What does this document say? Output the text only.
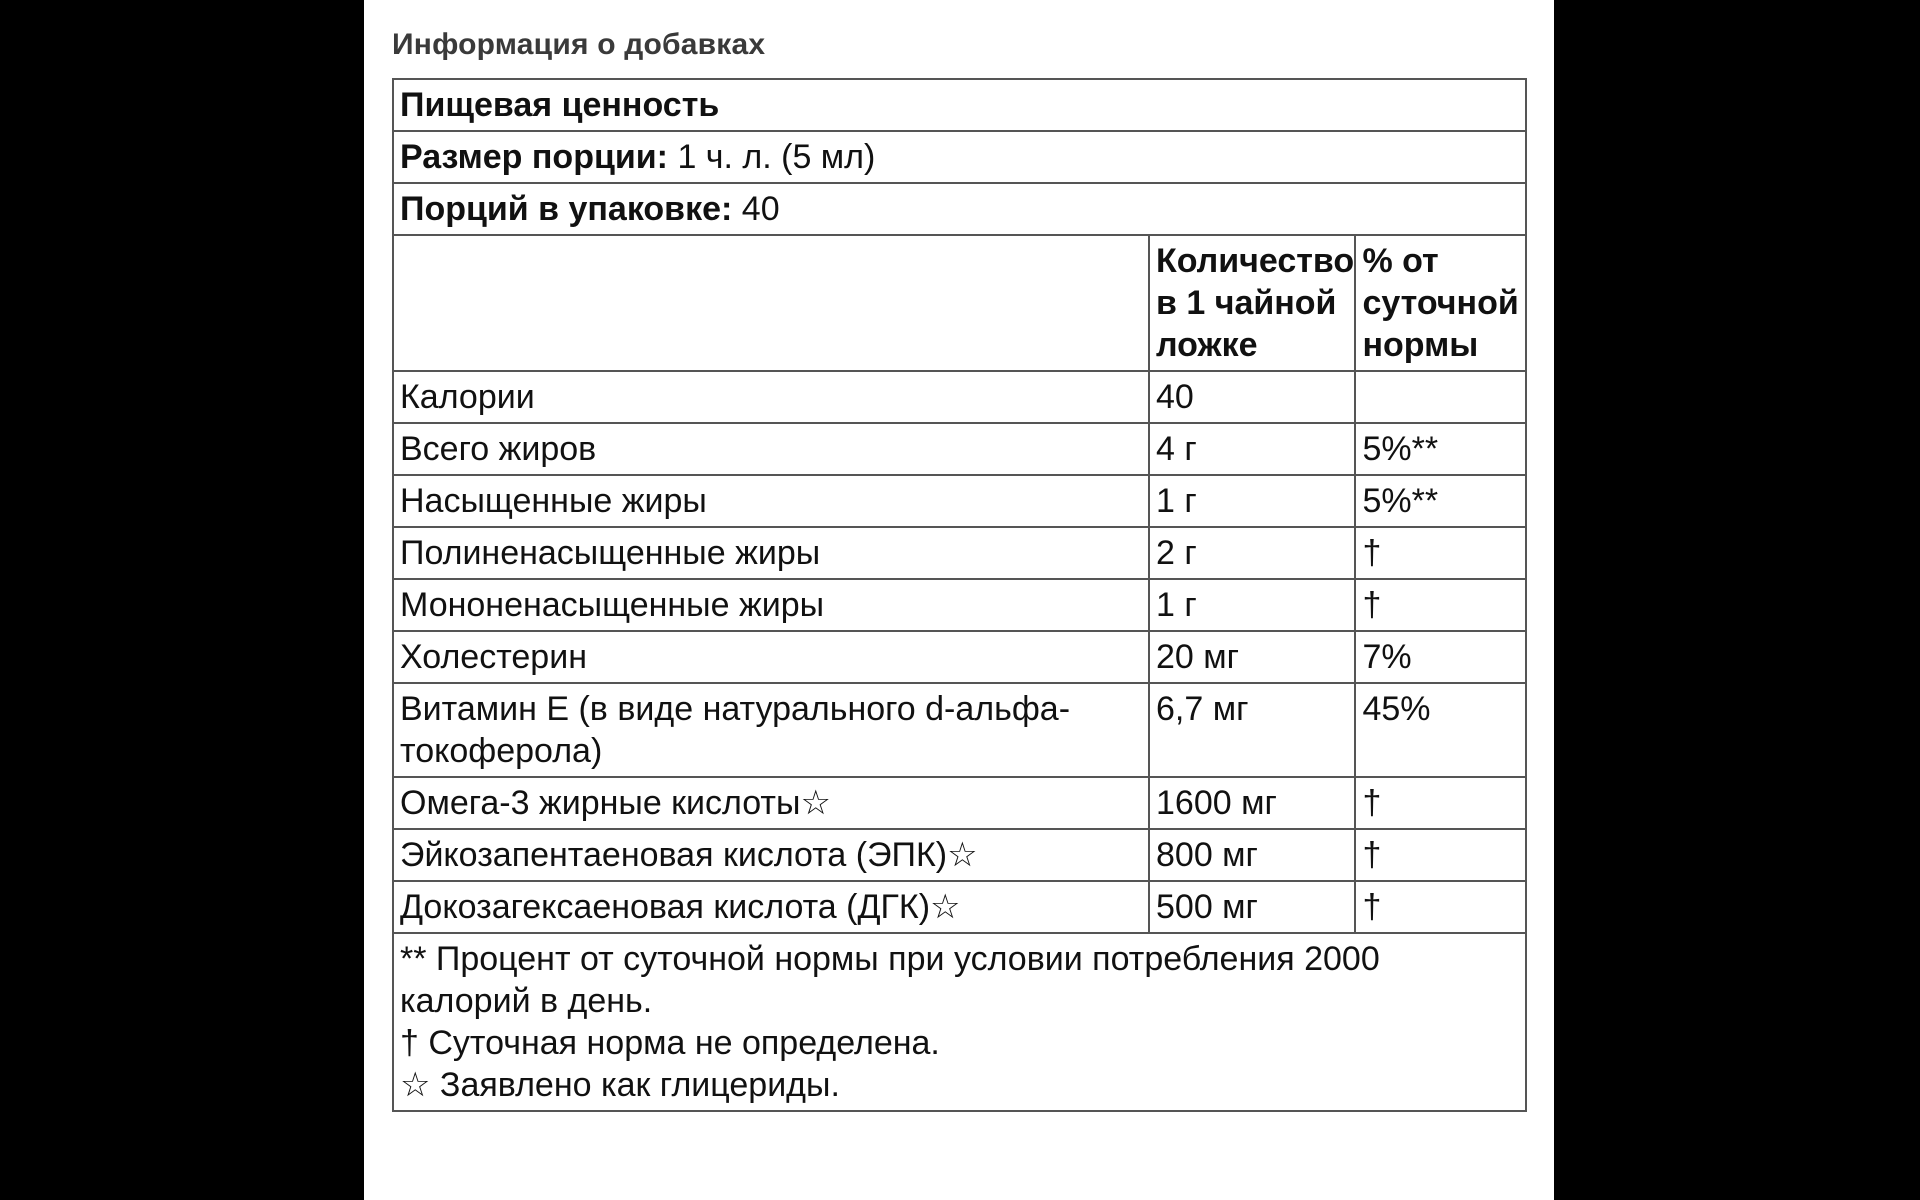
Информация о добавках
Пищевая ценность		
Размер порции: 1 ч. л. (5 мл)		
Порций в упаковке: 40		
	Количество в 1 чайной ложке	% от суточной нормы
Калории	40	
Всего жиров	4 г	5%**
Насыщенные жиры	1 г	5%**
Полиненасыщенные жиры	2 г	†
Мононенасыщенные жиры	1 г	†
Холестерин	20 мг	7%
Витамин E (в виде натурального d-альфа-токоферола)	6,7 мг	45%
Омега-3 жирные кислоты☆	1600 мг	†
Эйкозапентаеновая кислота (ЭПК)☆	800 мг	†
Докозагексаеновая кислота (ДГК)☆	500 мг	†

** Процент от суточной нормы при условии потребления 2000 калорий в день.
† Суточная норма не определена.
☆ Заявлено как глицериды.		
